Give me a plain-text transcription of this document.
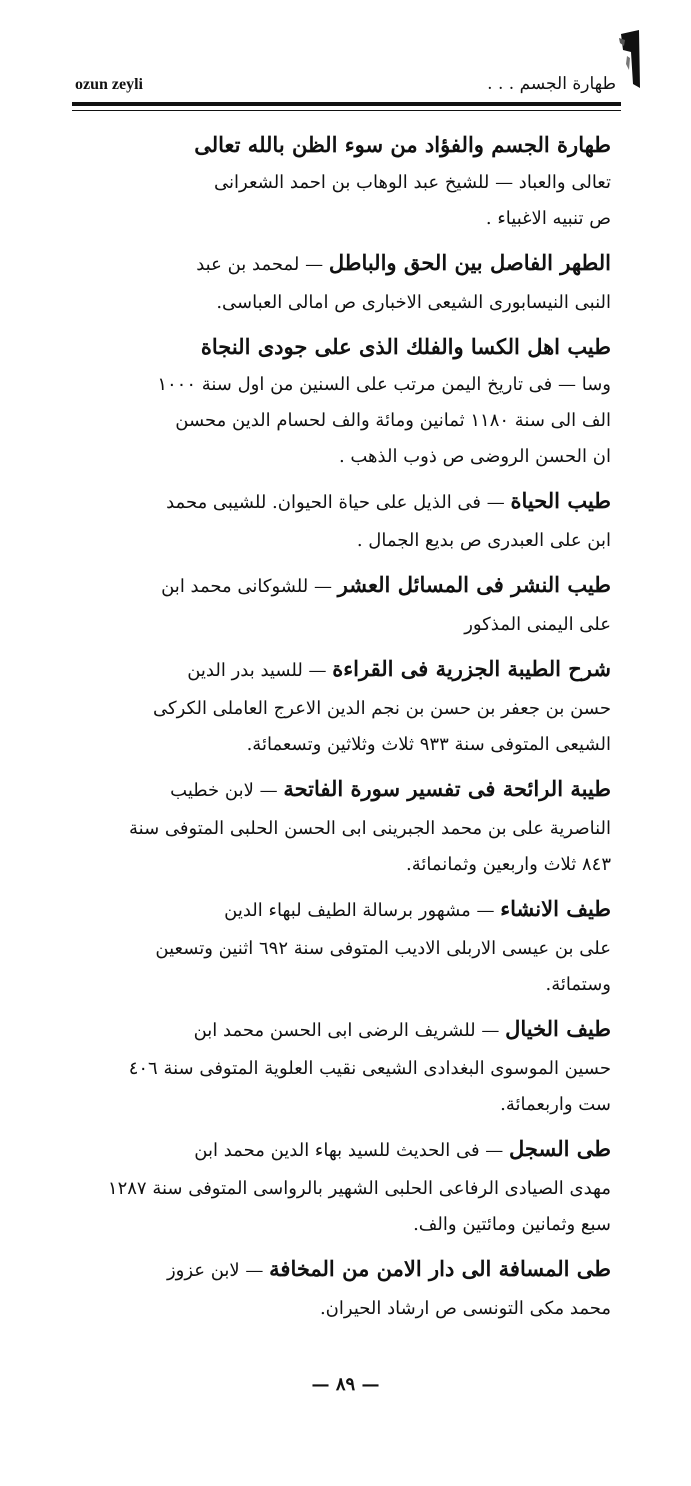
ozun zeyli	طهارة الجسم . . .
طهارة الجسم والفؤاد من سوء الظن بالله تعالى
تعالى والعباد — للشيخ عبد الوهاب بن احمد الشعرانى
ص تنبيه الاغبياء .
الطهر الفاصل بين الحق والباطل — لمحمد بن عبد
النبى النيسابورى الشيعى الاخبارى ص امالى العباسى.
طيب اهل الكسا والفلك الذى على جودى النجاة
وسا — فى تاريخ اليمن مرتب على السنين من اول سنة ١٠٠٠
الف الى سنة ١١٨٠ ثمانين ومائة والف لحسام الدين محسن
ان الحسن الروضى ص ذوب الذهب .
طيب الحياة — فى الذيل على حياة الحيوان. للشيبى محمد
ابن على العبدرى ص بديع الجمال .
طيب النشر فى المسائل العشر — للشوكانى محمد ابن
على اليمنى المذكور
شرح الطيبة الجزرية فى القراءة — للسيد بدر الدين
حسن بن جعفر بن حسن بن نجم الدين الاعرج العاملى الكركى
الشيعى المتوفى سنة ٩٣٣ ثلاث وثلاثين وتسعمائة.
طيبة الرائحة فى تفسير سورة الفاتحة — لابن خطيب
الناصرية على بن محمد الجبرينى ابى الحسن الحلبى المتوفى سنة
٨٤٣ ثلاث واربعين وثمانمائة.
طيف الانشاء — مشهور برسالة الطيف لبهاء الدين
على بن عيسى الاربلى الاديب المتوفى سنة ٦٩٢ اثنين وتسعين
وستمائة.
طيف الخيال — للشريف الرضى ابى الحسن محمد ابن
حسين الموسوى البغدادى الشيعى نقيب العلوية المتوفى سنة ٤٠٦
ست واربعمائة.
طى السجل — فى الحديث للسيد بهاء الدين محمد ابن
مهدى الصيادى الرفاعى الحلبى الشهير بالرواسى المتوفى سنة ١٢٨٧
سبع وثمانين ومائتين والف.
طى المسافة الى دار الامن من المخافة — لابن عزوز
محمد مكى التونسى ص ارشاد الحيران.
— ٨٩ —
